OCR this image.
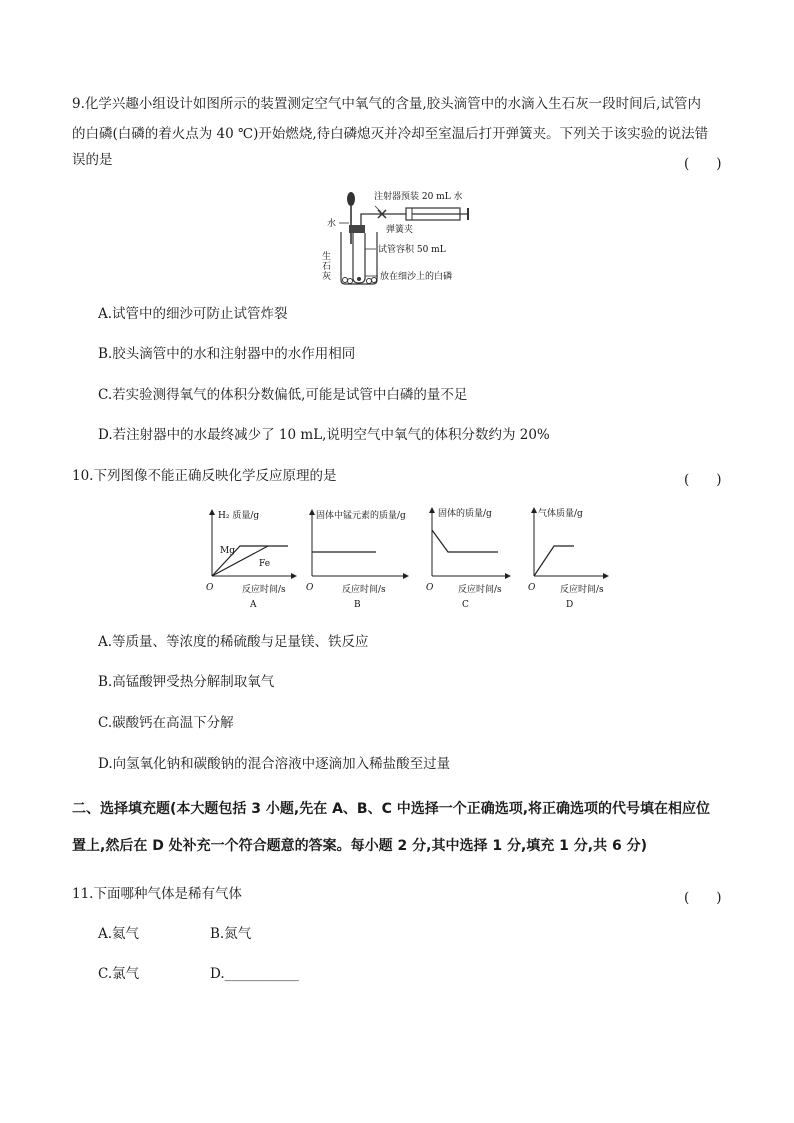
9.化学兴趣小组设计如图所示的装置测定空气中氧气的含量,胶头滴管中的水滴入生石灰一段时间后,试管内
的白磷(白磷的着火点为 40 ℃)开始燃烧,待白磷熄灭并冷却至室温后打开弹簧夹。下列关于该实验的说法错
误的是	(　　)
注射器预装 20 mL 水
水
弹簧夹
试管容积 50 mL
生
石
灰	放在细沙上的白磷
A.试管中的细沙可防止试管炸裂
B.胶头滴管中的水和注射器中的水作用相同
C.若实验测得氧气的体积分数偏低,可能是试管中白磷的量不足
D.若注射器中的水最终减少了 10 mL,说明空气中氧气的体积分数约为 20%
10.下列图像不能正确反映化学反应原理的是	(　　)
H₂ 质量/g
Mg
Fe
O	反应时间/s
A
固体中锰元素的质量/g
O	反应时间/s
B
固体的质量/g
O	反应时间/s
C
气体质量/g
O	反应时间/s
D
A.等质量、等浓度的稀硫酸与足量镁、铁反应
B.高锰酸钾受热分解制取氧气
C.碳酸钙在高温下分解
D.向氢氧化钠和碳酸钠的混合溶液中逐滴加入稀盐酸至过量
二、选择填充题(本大题包括 3 小题,先在 A、B、C 中选择一个正确选项,将正确选项的代号填在相应位
置上,然后在 D 处补充一个符合题意的答案。每小题 2 分,其中选择 1 分,填充 1 分,共 6 分)
11.下面哪种气体是稀有气体	(　　)
A.氦气	B.氮气
C.氯气	D.___________
